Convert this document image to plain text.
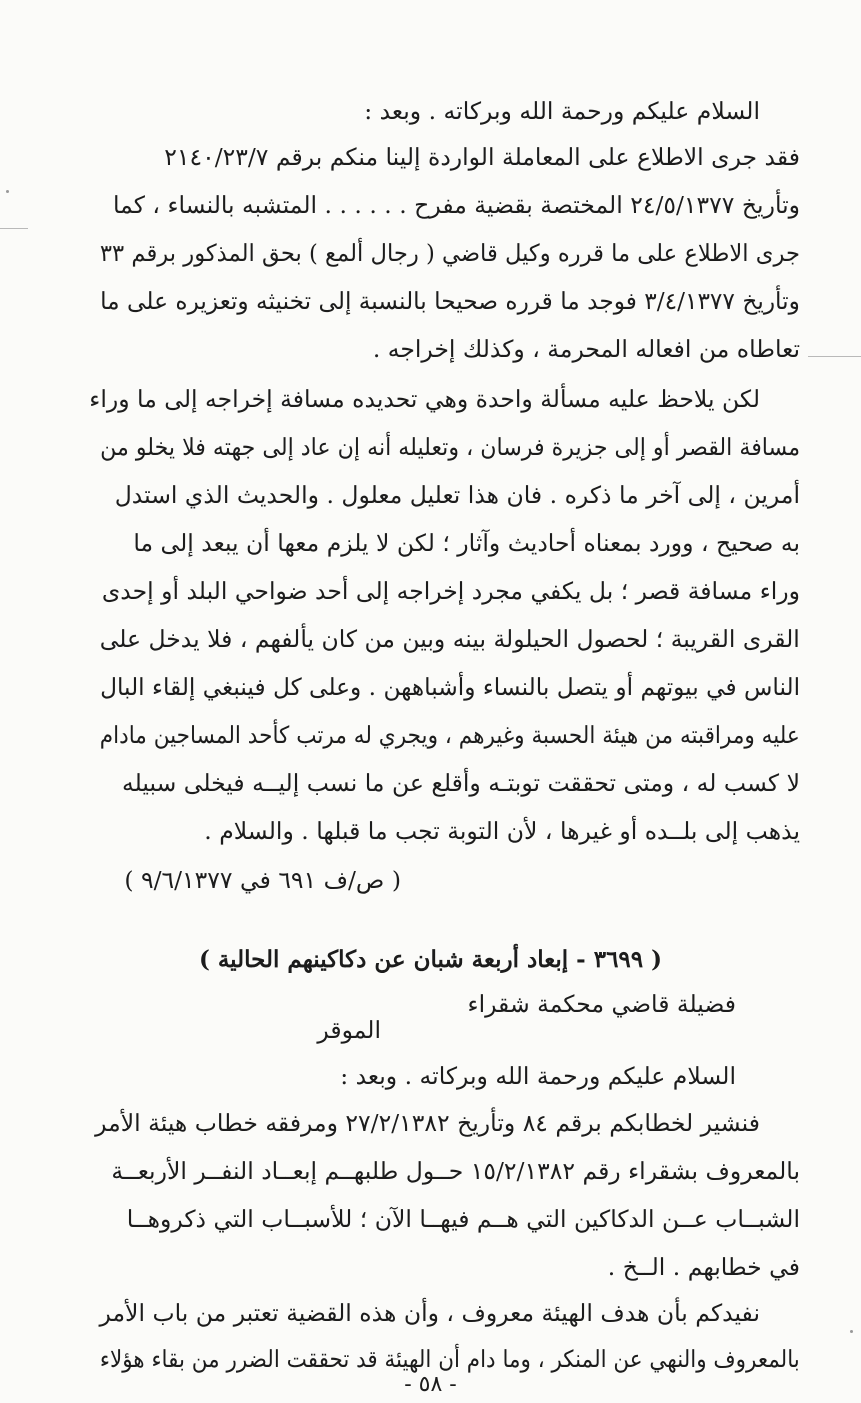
السلام عليكم ورحمة الله وبركاته . وبعد :
فقد جرى الاطلاع على المعاملة الواردة إلينا منكم برقم ٢١٤٠/٢٣/٧
وتأريخ ٢٤/٥/١٣٧٧ المختصة بقضية مفرح . . . . . . المتشبه بالنساء ، كما
جرى الاطلاع على ما قرره وكيل قاضي ( رجال ألمع ) بحق المذكور برقم ٣٣
وتأريخ ٣/٤/١٣٧٧ فوجد ما قرره صحيحا بالنسبة إلى تخنيثه وتعزيره على ما
تعاطاه من افعاله المحرمة ، وكذلك إخراجه .
لكن يلاحظ عليه مسألة واحدة وهي تحديده مسافة إخراجه إلى ما وراء
مسافة القصر أو إلى جزيرة فرسان ، وتعليله أنه إن عاد إلى جهته فلا يخلو من
أمرين ، إلى آخر ما ذكره . فان هذا تعليل معلول . والحديث الذي استدل
به صحيح ، وورد بمعناه أحاديث وآثار ؛ لكن لا يلزم معها أن يبعد إلى ما
وراء مسافة قصر ؛ بل يكفي مجرد إخراجه إلى أحد ضواحي البلد أو إحدى
القرى القريبة ؛ لحصول الحيلولة بينه وبين من كان يألفهم ، فلا يدخل على
الناس في بيوتهم أو يتصل بالنساء وأشباههن . وعلى كل فينبغي إلقاء البال
عليه ومراقبته من هيئة الحسبة وغيرهم ، ويجري له مرتب كأحد المساجين مادام
لا كسب له ، ومتى تحققت توبتـه وأقلع عن ما نسب إليــه فيخلى سبيله
يذهب إلى بلــده أو غيرها ، لأن التوبة تجب ما قبلها . والسلام .
( ص/ف ٦٩١ في ٩/٦/١٣٧٧ )
( ٣٦٩٩ - إبعاد أربعة شبان عن دكاكينهم الحالية )
فضيلة قاضي محكمة شقراء
الموقر
السلام عليكم ورحمة الله وبركاته . وبعد :
فنشير لخطابكم برقم ٨٤ وتأريخ ٢٧/٢/١٣٨٢ ومرفقه خطاب هيئة الأمر
بالمعروف بشقراء رقم ١٥/٢/١٣٨٢ حــول طلبهــم إبعــاد النفــر الأربعــة
الشبــاب عــن الدكاكين التي هــم فيهــا الآن ؛ للأسبــاب التي ذكروهــا
في خطابهم . الــخ .
نفيدكم بأن هدف الهيئة معروف ، وأن هذه القضية تعتبر من باب الأمر
بالمعروف والنهي عن المنكر ، وما دام أن الهيئة قد تحققت الضرر من بقاء هؤلاء
- ٥٨ -
